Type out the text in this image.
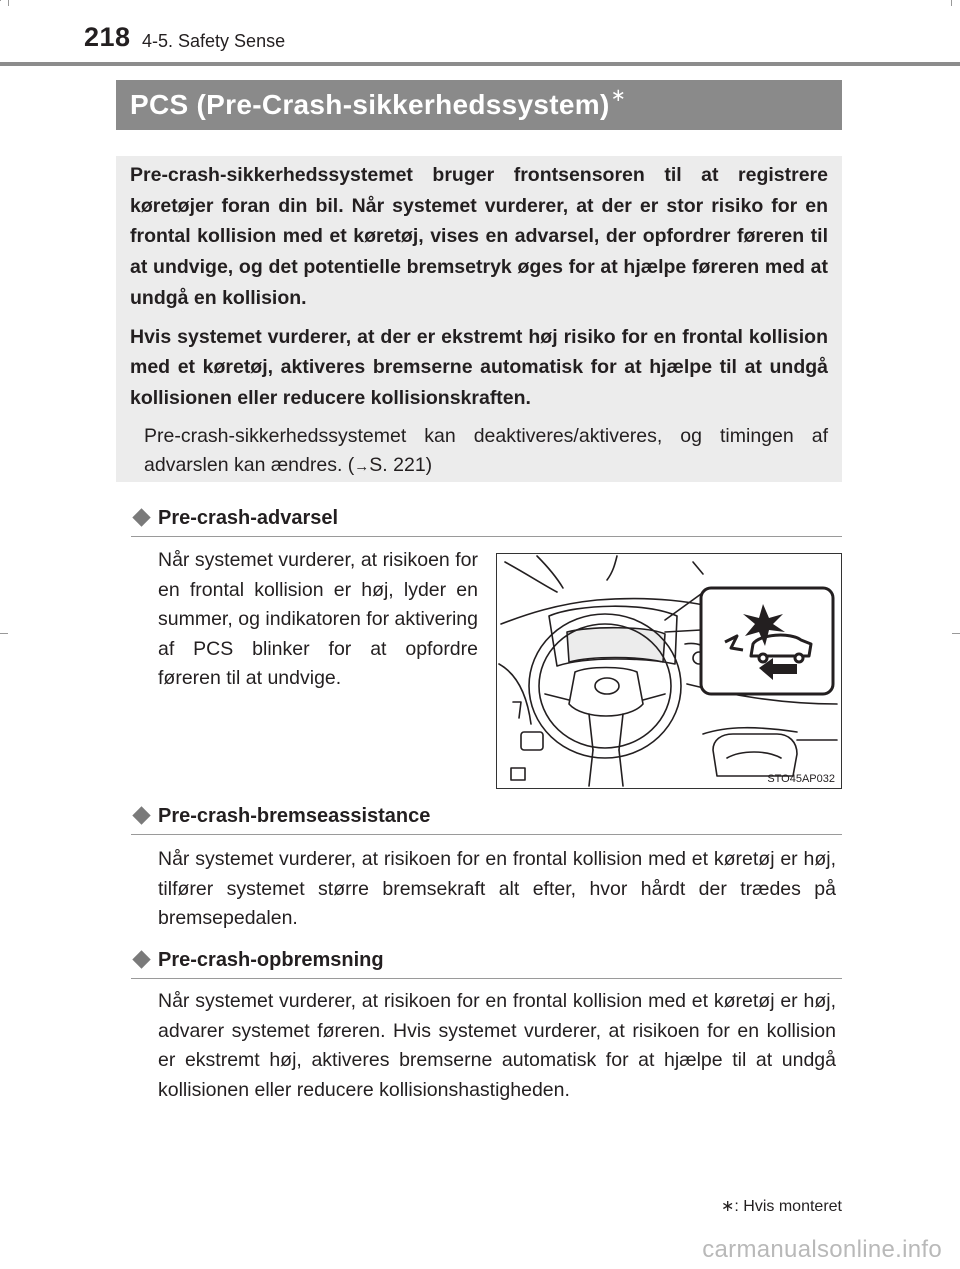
218 4-5. Safety Sense
PCS (Pre-Crash-sikkerhedssystem)∗

Pre-crash-sikkerhedssystemet bruger frontsensoren til at registrere køretøjer foran din bil. Når systemet vurderer, at der er stor risiko for en frontal kollision med et køretøj, vises en advarsel, der opfordrer føreren til at undvige, og det potentielle bremsetryk øges for at hjælpe føreren med at undgå en kollision.

Hvis systemet vurderer, at der er ekstremt høj risiko for en frontal kollision med et køretøj, aktiveres bremserne automatisk for at hjælpe til at undgå kollisionen eller reducere kollisionskraften.

Pre-crash-sikkerhedssystemet kan deaktiveres/aktiveres, og timingen af advarslen kan ændres. (→S. 221)

Pre-crash-advarsel

Når systemet vurderer, at risikoen for en frontal kollision er høj, lyder en summer, og indikatoren for aktivering af PCS blinker for at opfordre føreren til at undvige.

STO45AP032
Pre-crash-bremseassistance

Når systemet vurderer, at risikoen for en frontal kollision med et køretøj er høj, tilfører systemet større bremsekraft alt efter, hvor hårdt der trædes på bremsepedalen.

Pre-crash-opbremsning

Når systemet vurderer, at risikoen for en frontal kollision med et køretøj er høj, advarer systemet føreren. Hvis systemet vurderer, at risikoen for en kollision er ekstremt høj, aktiveres bremserne automatisk for at hjælpe til at undgå kollisionen eller reducere kollisionshastigheden.

∗: Hvis monteret
carmanualsonline.info
